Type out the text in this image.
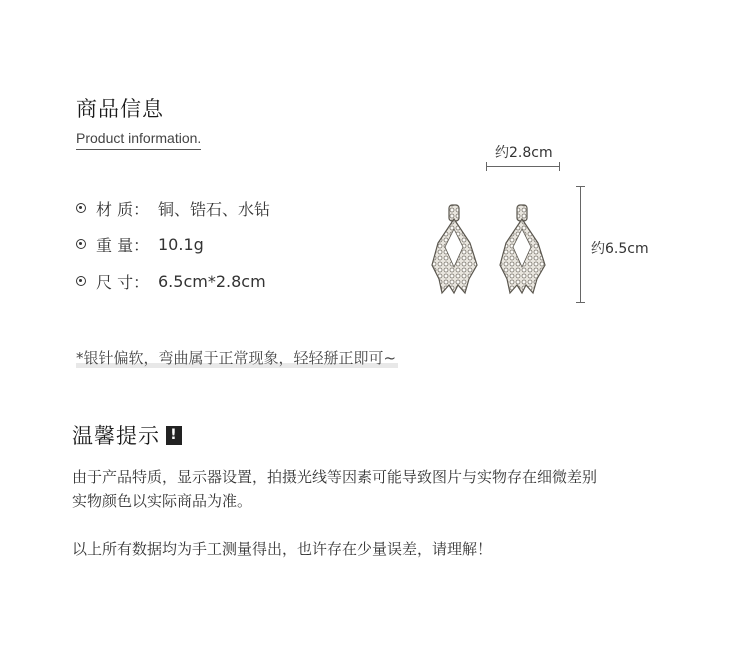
商品信息
Product information.
材 质： 铜、锆石、水钻
重 量： 10.1g
尺 寸： 6.5cm*2.8cm
约2.8cm
约6.5cm
*银针偏软，弯曲属于正常现象，轻轻掰正即可~
温馨提示 !
由于产品特质，显示器设置，拍摄光线等因素可能导致图片与实物存在细微差别
实物颜色以实际商品为准。
以上所有数据均为手工测量得出，也许存在少量误差，请理解！
